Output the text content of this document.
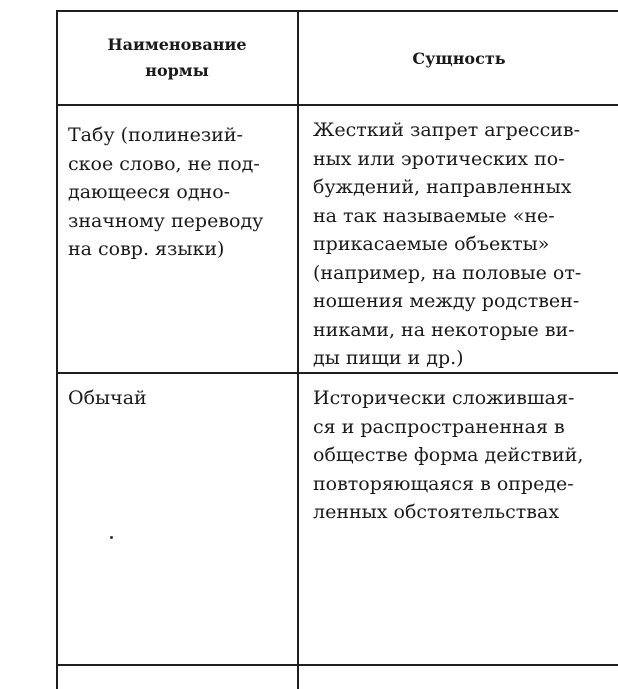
Наименование
нормы
Сущность
Табу (полинезий-
ское слово, не под-
дающееся одно-
значному переводу
на совр. языки)
Жесткий запрет агрессив-
ных или эротических по-
буждений, направленных
на так называемые «не-
прикасаемые объекты»
(например, на половые от-
ношения между родствен-
никами, на некоторые ви-
ды пищи и др.)
Обычай	Исторически сложившая-
ся и распространенная в
обществе форма действий,
повторяющаяся в опреде-
ленных обстоятельствах
